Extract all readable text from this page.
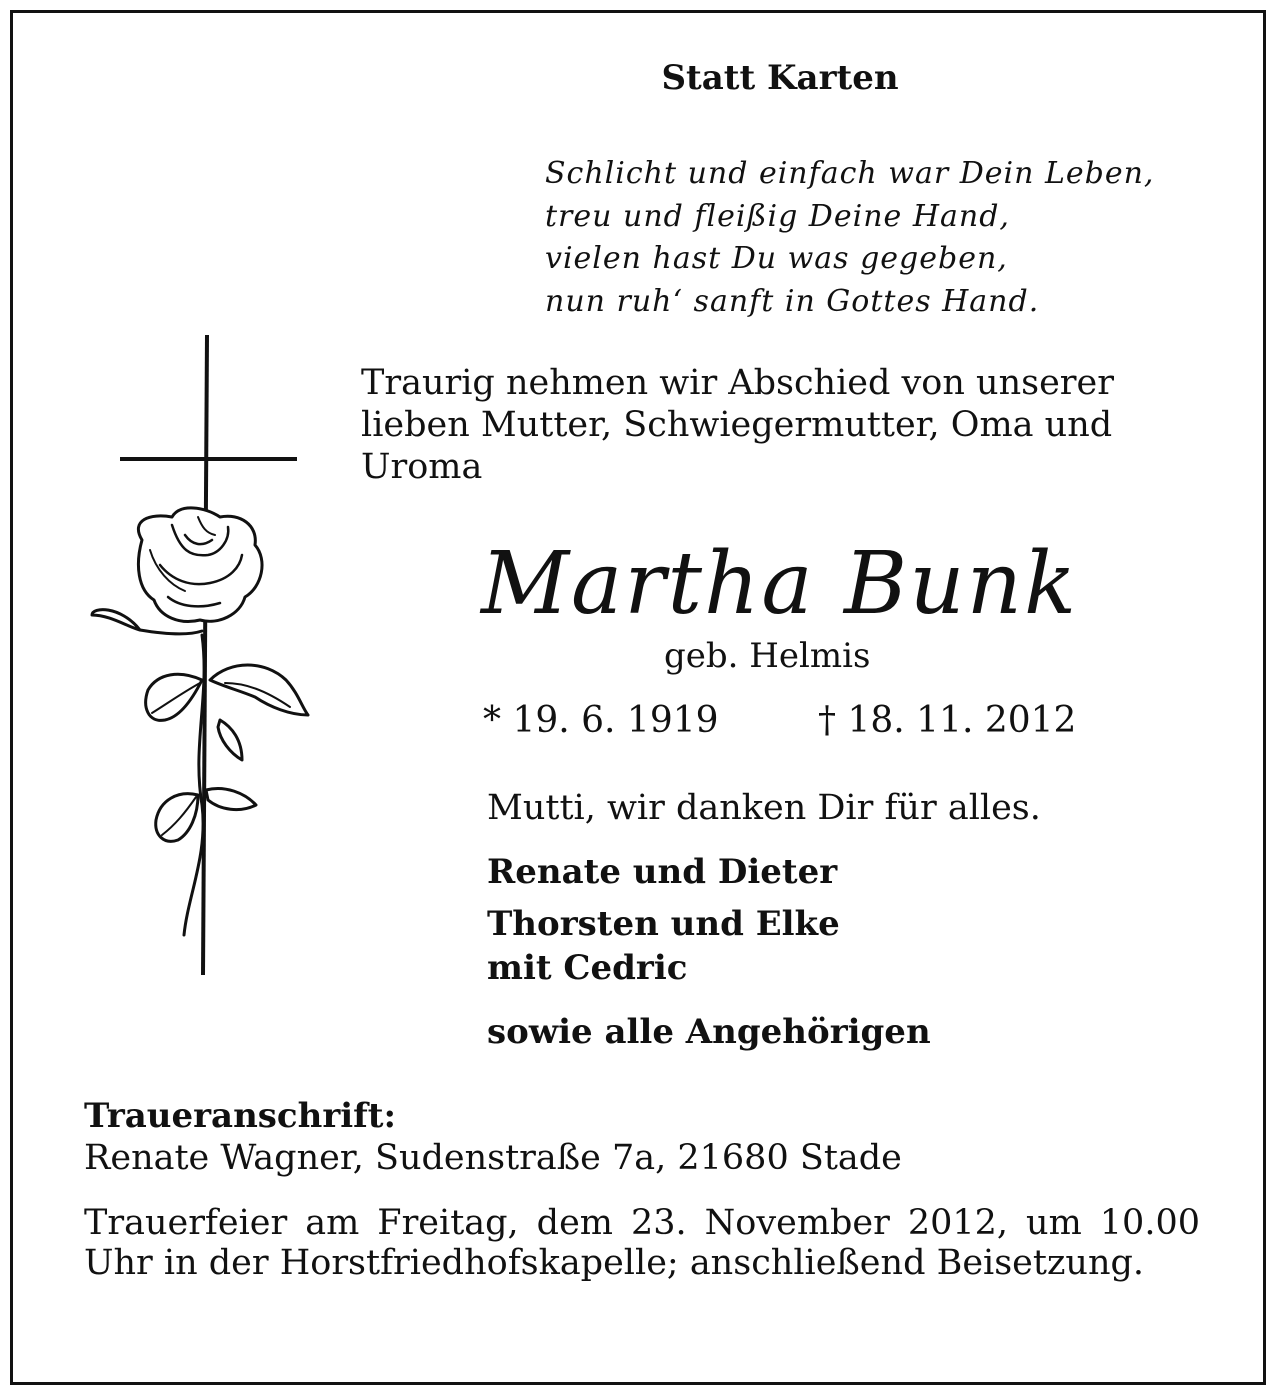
Statt Karten
Schlicht und einfach war Dein Leben,
treu und fleißig Deine Hand,
vielen hast Du was gegeben,
nun ruh‘ sanft in Gottes Hand.
Traurig nehmen wir Abschied von unserer lieben Mutter, Schwiegermutter, Oma und Uroma
Martha Bunk
geb. Helmis
* 19. 6. 1919	† 18. 11. 2012
Mutti, wir danken Dir für alles.
Renate und Dieter
Thorsten und Elke
mit Cedric
sowie alle Angehörigen
Traueranschrift:
Renate Wagner, Sudenstraße 7a, 21680 Stade
Trauerfeier am Freitag, dem 23. November 2012, um 10.00 Uhr in der Horstfriedhofskapelle; anschließend Beisetzung.
